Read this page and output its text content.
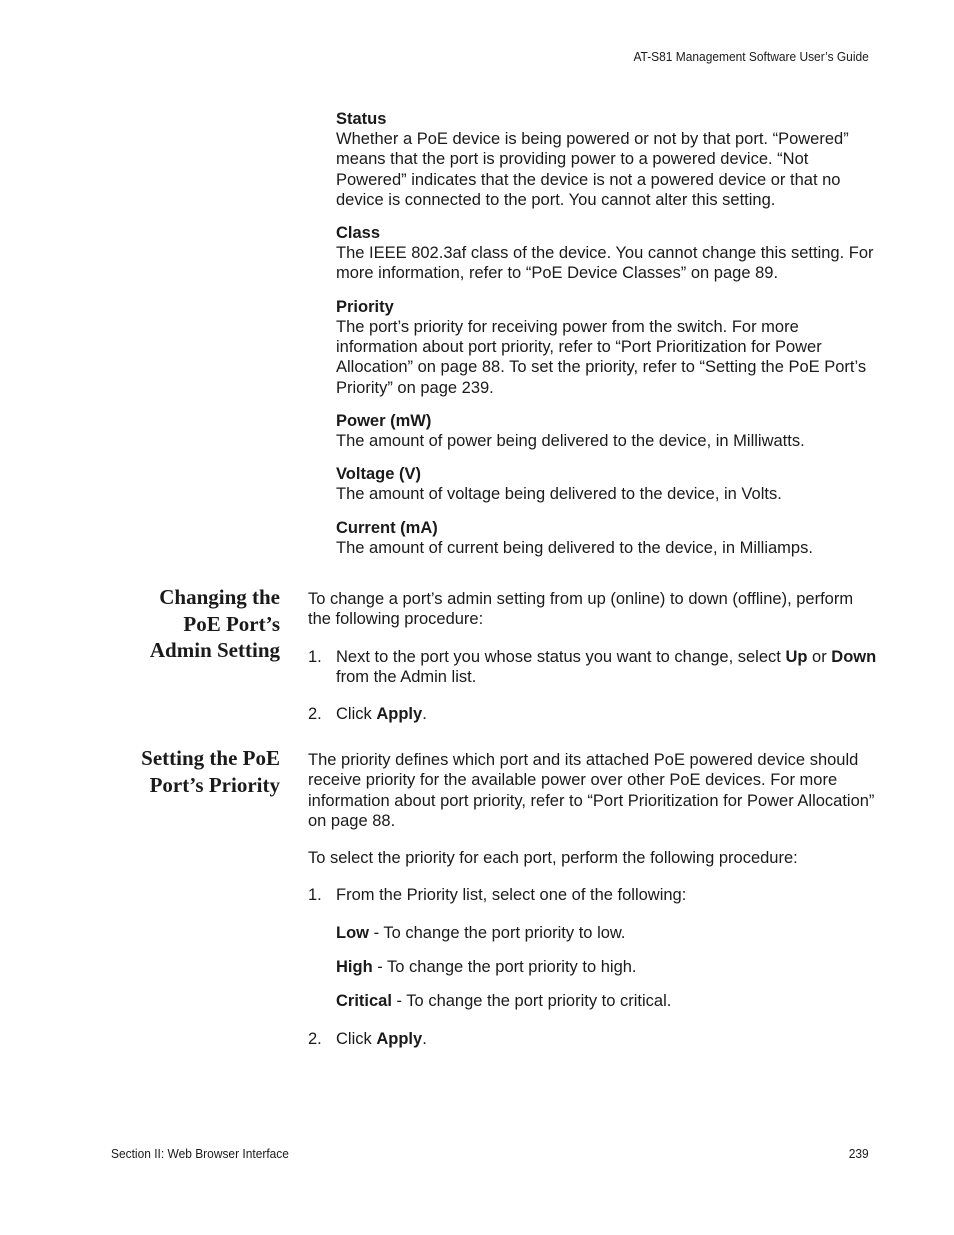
AT-S81 Management Software User’s Guide
Status
Whether a PoE device is being powered or not by that port. “Powered” means that the port is providing power to a powered device. “Not Powered” indicates that the device is not a powered device or that no device is connected to the port. You cannot alter this setting.
Class
The IEEE 802.3af class of the device. You cannot change this setting. For more information, refer to “PoE Device Classes” on page 89.
Priority
The port’s priority for receiving power from the switch. For more information about port priority, refer to “Port Prioritization for Power Allocation” on page 88. To set the priority, refer to “Setting the PoE Port’s Priority” on page 239.
Power (mW)
The amount of power being delivered to the device, in Milliwatts.
Voltage (V)
The amount of voltage being delivered to the device, in Volts.
Current (mA)
The amount of current being delivered to the device, in Milliamps.
Changing the
PoE Port’s
Admin Setting

To change a port’s admin setting from up (online) to down (offline), perform the following procedure:

1. Next to the port you whose status you want to change, select Up or Down from the Admin list.
2. Click Apply.
Setting the PoE
Port’s Priority

The priority defines which port and its attached PoE powered device should receive priority for the available power over other PoE devices. For more information about port priority, refer to “Port Prioritization for Power Allocation” on page 88.

To select the priority for each port, perform the following procedure:

1. From the Priority list, select one of the following:
Low - To change the port priority to low.
High - To change the port priority to high.
Critical - To change the port priority to critical.
2. Click Apply.
Section II: Web Browser Interface	239
